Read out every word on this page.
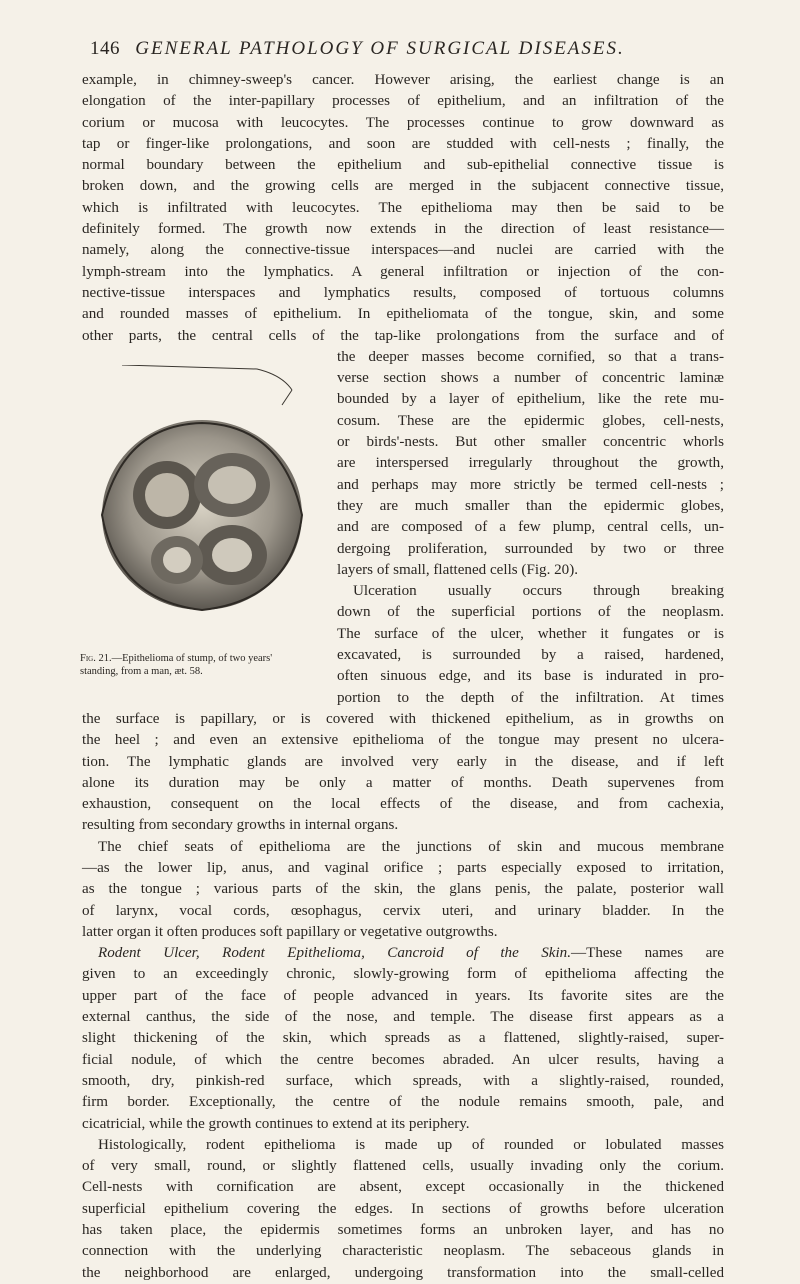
146 GENERAL PATHOLOGY OF SURGICAL DISEASES.
Fig. 21.—Epithelioma of stump, of two years' standing, from a man, æt. 58.
example, in chimney-sweep's cancer. However arising, the earliest change is an
elongation of the inter-papillary processes of epithelium, and an infiltration of the
corium or mucosa with leucocytes. The processes continue to grow downward as
tap or finger-like prolongations, and soon are studded with cell-nests ; finally, the
normal boundary between the epithelium and sub-epithelial connective tissue is
broken down, and the growing cells are merged in the subjacent connective tissue,
which is infiltrated with leucocytes. The epithelioma may then be said to be
definitely formed. The growth now extends in the direction of least resistance—
namely, along the connective-tissue interspaces—and nuclei are carried with the
lymph-stream into the lymphatics. A general infiltration or injection of the con-
nective-tissue interspaces and lymphatics results, composed of tortuous columns
and rounded masses of epithelium. In epitheliomata of the tongue, skin, and some
other parts, the central cells of the tap-like prolongations from the surface and of
the deeper masses become cornified, so that a trans-
verse section shows a number of concentric laminæ
bounded by a layer of epithelium, like the rete mu-
cosum. These are the epidermic globes, cell-nests,
or birds'-nests. But other smaller concentric whorls
are interspersed irregularly throughout the growth,
and perhaps may more strictly be termed cell-nests ;
they are much smaller than the epidermic globes,
and are composed of a few plump, central cells, un-
dergoing proliferation, surrounded by two or three
layers of small, flattened cells (Fig. 20).
Ulceration usually occurs through breaking
down of the superficial portions of the neoplasm.
The surface of the ulcer, whether it fungates or is
excavated, is surrounded by a raised, hardened,
often sinuous edge, and its base is indurated in pro-
portion to the depth of the infiltration. At times
the surface is papillary, or is covered with thickened epithelium, as in growths on
the heel ; and even an extensive epithelioma of the tongue may present no ulcera-
tion. The lymphatic glands are involved very early in the disease, and if left
alone its duration may be only a matter of months. Death supervenes from
exhaustion, consequent on the local effects of the disease, and from cachexia,
resulting from secondary growths in internal organs.
The chief seats of epithelioma are the junctions of skin and mucous membrane
—as the lower lip, anus, and vaginal orifice ; parts especially exposed to irritation,
as the tongue ; various parts of the skin, the glans penis, the palate, posterior wall
of larynx, vocal cords, œsophagus, cervix uteri, and urinary bladder. In the
latter organ it often produces soft papillary or vegetative outgrowths.
Rodent Ulcer, Rodent Epithelioma, Cancroid of the Skin.—These names are
given to an exceedingly chronic, slowly-growing form of epithelioma affecting the
upper part of the face of people advanced in years. Its favorite sites are the
external canthus, the side of the nose, and temple. The disease first appears as a
slight thickening of the skin, which spreads as a flattened, slightly-raised, super-
ficial nodule, of which the centre becomes abraded. An ulcer results, having a
smooth, dry, pinkish-red surface, which spreads, with a slightly-raised, rounded,
firm border. Exceptionally, the centre of the nodule remains smooth, pale, and
cicatricial, while the growth continues to extend at its periphery.
Histologically, rodent epithelioma is made up of rounded or lobulated masses
of very small, round, or slightly flattened cells, usually invading only the corium.
Cell-nests with cornification are absent, except occasionally in the thickened
superficial epithelium covering the edges. In sections of growths before ulceration
has taken place, the epidermis sometimes forms an unbroken layer, and has no
connection with the underlying characteristic neoplasm. The sebaceous glands in
the neighborhood are enlarged, undergoing transformation into the small-celled
